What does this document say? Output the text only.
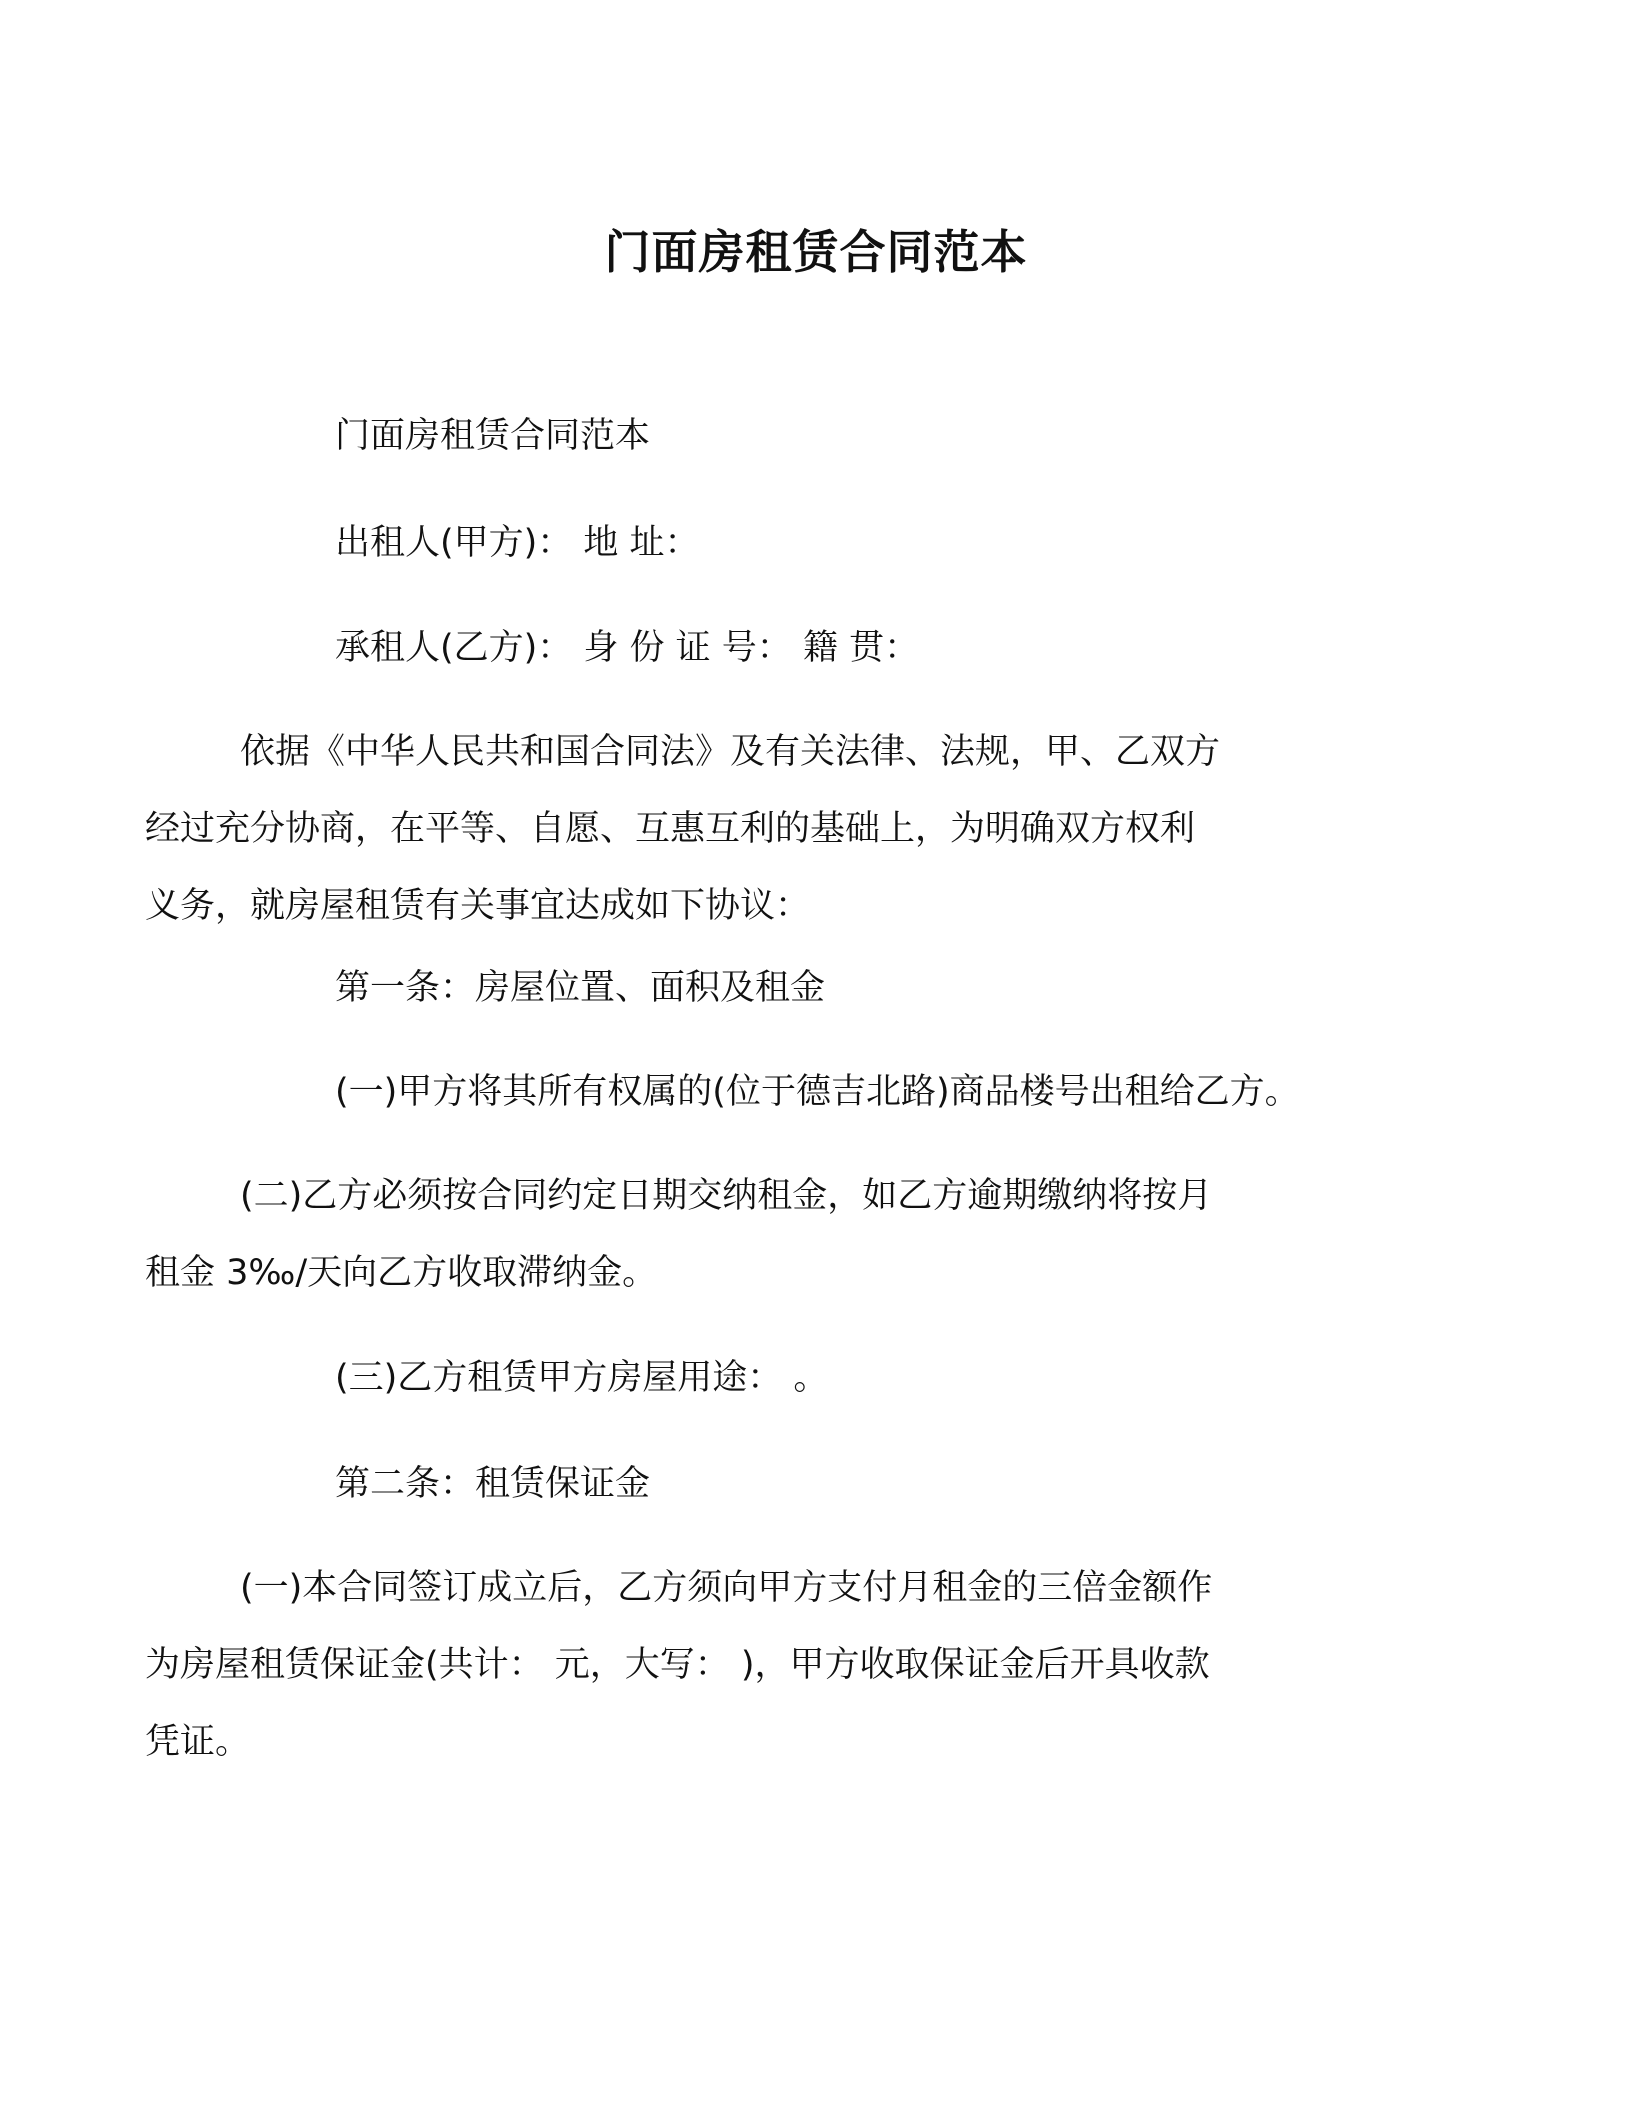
门面房租赁合同范本
门面房租赁合同范本
出租人(甲方)： 地 址：
承租人(乙方)： 身 份 证 号： 籍 贯：
依据《中华人民共和国合同法》及有关法律、法规，甲、乙双方
经过充分协商，在平等、自愿、互惠互利的基础上，为明确双方权利
义务，就房屋租赁有关事宜达成如下协议：
第一条：房屋位置、面积及租金
(一)甲方将其所有权属的(位于德吉北路)商品楼号出租给乙方。
(二)乙方必须按合同约定日期交纳租金，如乙方逾期缴纳将按月
租金 3‰/天向乙方收取滞纳金。
(三)乙方租赁甲方房屋用途： 。
第二条：租赁保证金
(一)本合同签订成立后，乙方须向甲方支付月租金的三倍金额作
为房屋租赁保证金(共计： 元，大写： )，甲方收取保证金后开具收款
凭证。
